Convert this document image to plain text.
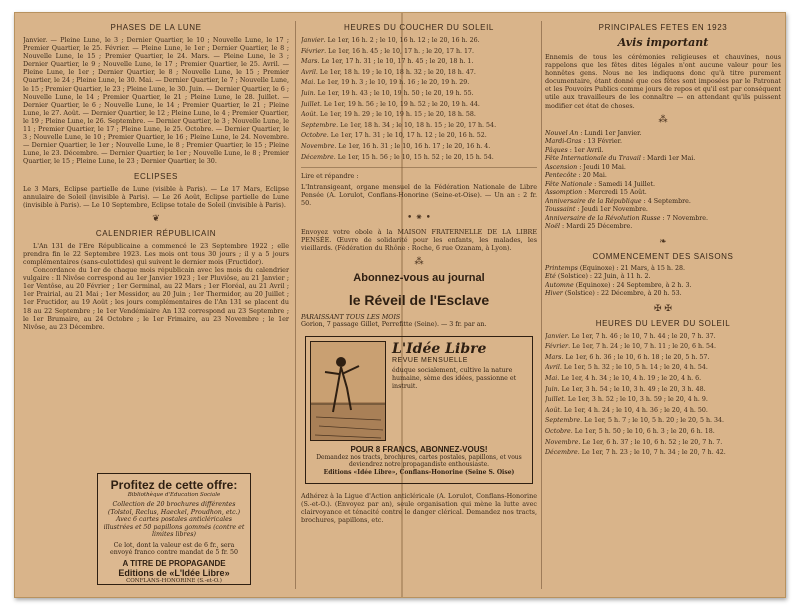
PHASES DE LA LUNE
Janvier. — Pleine Lune, le 3 ; Dernier Quartier, le 10 ; Nouvelle Lune, le 17 ; Premier Quartier, le 25. Février. — Pleine Lune, le 1er ; Dernier Quartier, le 8 ; Nouvelle Lune, le 15 ; Premier Quartier, le 24. Mars. — Pleine Lune, le 3 ; Dernier Quartier, le 9 ; Nouvelle Lune, le 17 ; Premier Quartier, le 25. Avril. — Pleine Lune, le 1er ; Dernier Quartier, le 8 ; Nouvelle Lune, le 15 ; Premier Quartier, le 24 ; Pleine Lune, le 30. Mai. — Dernier Quartier, le 7 ; Nouvelle Lune, le 15 ; Premier Quartier, le 23 ; Pleine Lune, le 30. Juin. — Dernier Quartier, le 6 ; Nouvelle Lune, le 14 ; Premier Quartier, le 21 ; Pleine Lune, le 28. Juillet. — Dernier Quartier, le 6 ; Nouvelle Lune, le 14 ; Premier Quartier, le 21 ; Pleine Lune, le 27. Août. — Dernier Quartier, le 12 ; Pleine Lune, le 4 ; Premier Quartier, le 19 ; Pleine Lune, le 26. Septembre. — Dernier Quartier, le 3 ; Nouvelle Lune, le 11 ; Premier Quartier, le 17 ; Pleine Lune, le 25. Octobre. — Dernier Quartier, le 3 ; Nouvelle Lune, le 10 ; Premier Quartier, le 16 ; Pleine Lune, le 24. Novembre. — Dernier Quartier, le 1er ; Nouvelle Lune, le 8 ; Premier Quartier, le 15 ; Pleine Lune, le 23. Décembre. — Dernier Quartier, le 1er ; Nouvelle Lune, le 8 ; Premier Quartier, le 15 ; Pleine Lune, le 23 ; Dernier Quartier, le 30.
ECLIPSES
Le 3 Mars, Eclipse partielle de Lune (visible à Paris). — Le 17 Mars, Eclipse annulaire de Soleil (invisible à Paris). — Le 26 Août, Eclipse partielle de Lune (invisible à Paris). — Le 10 Septembre, Eclipse totale de Soleil (invisible à Paris).
❦
CALENDRIER RÉPUBLICAIN

L'An 131 de l'Ere Républicaine a commencé le 23 Septembre 1922 ; elle prendra fin le 22 Septembre 1923. Les mois ont tous 30 jours ; il y a 5 jours complémentaires (sans-culottides) qui suivent le dernier mois (Fructidor).

Concordance du 1er de chaque mois républicain avec les mois du calendrier vulgaire : Il Nivôse correspond au 1er Janvier 1923 ; 1er Pluviôse, au 21 Janvier ; 1er Ventôse, au 20 Février ; 1er Germinal, au 22 Mars ; 1er Floréal, au 21 Avril ; 1er Prairial, au 21 Mai ; 1er Messidor, au 20 Juin ; 1er Thermidor, au 20 Juillet ; 1er Fructidor, au 19 Août ; les jours complémentaires de l'An 131 se placent du 18 au 22 Septembre ; le 1er Vendémiaire An 132 correspond au 23 Septembre ; le 1er Brumaire, au 24 Octobre ; le 1er Frimaire, au 23 Novembre ; le 1er Nivôse, au 23 Décembre.

Profitez de cette offre:
Bibliothèque d'Education Sociale
Collection de 20 brochures différentes (Tolstoï, Reclus, Haeckel, Proudhon, etc.) Avec 6 cartes postales anticléricales illustrées et 50 papillons gommés (contre et limites libres)
Ce lot, dont la valeur est de 6 fr., sera envoyé franco contre mandat de 5 fr. 50
A TITRE DE PROPAGANDE
Editions de «L'Idée Libre»
CONFLANS-HONORINE (S.-et-O.)
HEURES DU COUCHER DU SOLEIL
Janvier. Le 1er, 16 h. 2 ; le 10, 16 h. 12 ; le 20, 16 h. 26.
Février. Le 1er, 16 h. 45 ; le 10, 17 h. ; le 20, 17 h. 17.
Mars. Le 1er, 17 h. 31 ; le 10, 17 h. 45 ; le 20, 18 h. 1.
Avril. Le 1er, 18 h. 19 ; le 10, 18 h. 32 ; le 20, 18 h. 47.
Mai. Le 1er, 19 h. 3 ; le 10, 19 h. 16 ; le 20, 19 h. 29.
Juin. Le 1er, 19 h. 43 ; le 10, 19 h. 50 ; le 20, 19 h. 55.
Juillet. Le 1er, 19 h. 56 ; le 10, 19 h. 52 ; le 20, 19 h. 44.
Août. Le 1er, 19 h. 29 ; le 10, 19 h. 15 ; le 20, 18 h. 58.
Septembre. Le 1er, 18 h. 34 ; le 10, 18 h. 15 ; le 20, 17 h. 54.
Octobre. Le 1er, 17 h. 31 ; le 10, 17 h. 12 ; le 20, 16 h. 52.
Novembre. Le 1er, 16 h. 31 ; le 10, 16 h. 17 ; le 20, 16 h. 4.
Décembre. Le 1er, 15 h. 56 ; le 10, 15 h. 52 ; le 20, 15 h. 54.
Lire et répandre :
L'Intransigeant, organe mensuel de la Fédération Nationale de Libre Pensée (A. Lorulot, Conflans-Honorine (Seine-et-Oise). — Un an : 2 fr. 50.
• ⁕ •
Envoyez votre obole à la MAISON FRATERNELLE DE LA LIBRE PENSÉE. Œuvre de solidarité pour les enfants, les malades, les vieillards. (Fédération du Rhône : Roche, 6 rue Ozanam, à Lyon).
⁂
Abonnez-vous au journal
le Réveil de l'Esclave
PARAISSANT TOUS LES MOIS
Gorion, 7 passage Gillet, Perrefitte (Seine). — 3 fr. par an.
L'Idée Libre
REVUE MENSUELLE
éduque socialement, cultive la nature humaine, sème des idées, passionne et instruit.
POUR 8 FRANCS, ABONNEZ-VOUS!
Demandez nos tracts, brochures, cartes postales, papillons, et vous deviendrez notre propagandiste enthousiaste.
Editions «Idée Libre», Conflans-Honorine (Seine S. Oise)
Adhérez à la Ligue d'Action anticléricale (A. Lorulot, Conflans-Honorine (S.-et-O.). (Envoyez par an), seule organisation qui mène la lutte avec clairvoyance et ténacité contre le danger clérical. Demandez nos tracts, brochures, papillons, etc.
PRINCIPALES FETES EN 1923
Avis important
Ennemis de tous les cérémonies religieuses et chauvines, nous rappelons que les fêtes dites légales n'ont aucune valeur pour les honnêtes gens. Nous ne les indiquons donc qu'à titre purement documentaire, étant donné que ces fêtes sont imposées par le Patronat et les Pouvoirs Publics comme jours de repos et qu'il est par conséquent utile aux travailleurs de les connaître — en attendant qu'ils puissent modifier cet état de choses.
⁂
Nouvel An : Lundi 1er Janvier.
Mardi-Gras : 13 Février.
Pâques : 1er Avril.
Fête Internationale du Travail : Mardi 1er Mai.
Ascension : Jeudi 10 Mai.
Pentecôte : 20 Mai.
Fête Nationale : Samedi 14 Juillet.
Assomption : Mercredi 15 Août.
Anniversaire de la République : 4 Septembre.
Toussaint : Jeudi 1er Novembre.
Anniversaire de la Révolution Russe : 7 Novembre.
Noël : Mardi 25 Décembre.
❧
COMMENCEMENT DES SAISONS
Printemps (Equinoxe) : 21 Mars, à 15 h. 28.
Eté (Solstice) : 22 Juin, à 11 h. 2.
Automne (Equinoxe) : 24 Septembre, à 2 h. 3.
Hiver (Solstice) : 22 Décembre, à 20 h. 53.
✠ ✠
HEURES DU LEVER DU SOLEIL
Janvier. Le 1er, 7 h. 46 ; le 10, 7 h. 44 ; le 20, 7 h. 37.
Février. Le 1er, 7 h. 24 ; le 10, 7 h. 11 ; le 20, 6 h. 54.
Mars. Le 1er, 6 h. 36 ; le 10, 6 h. 18 ; le 20, 5 h. 57.
Avril. Le 1er, 5 h. 32 ; le 10, 5 h. 14 ; le 20, 4 h. 54.
Mai. Le 1er, 4 h. 34 ; le 10, 4 h. 19 ; le 20, 4 h. 6.
Juin. Le 1er, 3 h. 54 ; le 10, 3 h. 49 ; le 20, 3 h. 48.
Juillet. Le 1er, 3 h. 52 ; le 10, 3 h. 59 ; le 20, 4 h. 9.
Août. Le 1er, 4 h. 24 ; le 10, 4 h. 36 ; le 20, 4 h. 50.
Septembre. Le 1er, 5 h. 7 ; le 10, 5 h. 20 ; le 20, 5 h. 34.
Octobre. Le 1er, 5 h. 50 ; le 10, 6 h. 3 ; le 20, 6 h. 18.
Novembre. Le 1er, 6 h. 37 ; le 10, 6 h. 52 ; le 20, 7 h. 7.
Décembre. Le 1er, 7 h. 23 ; le 10, 7 h. 34 ; le 20, 7 h. 42.
